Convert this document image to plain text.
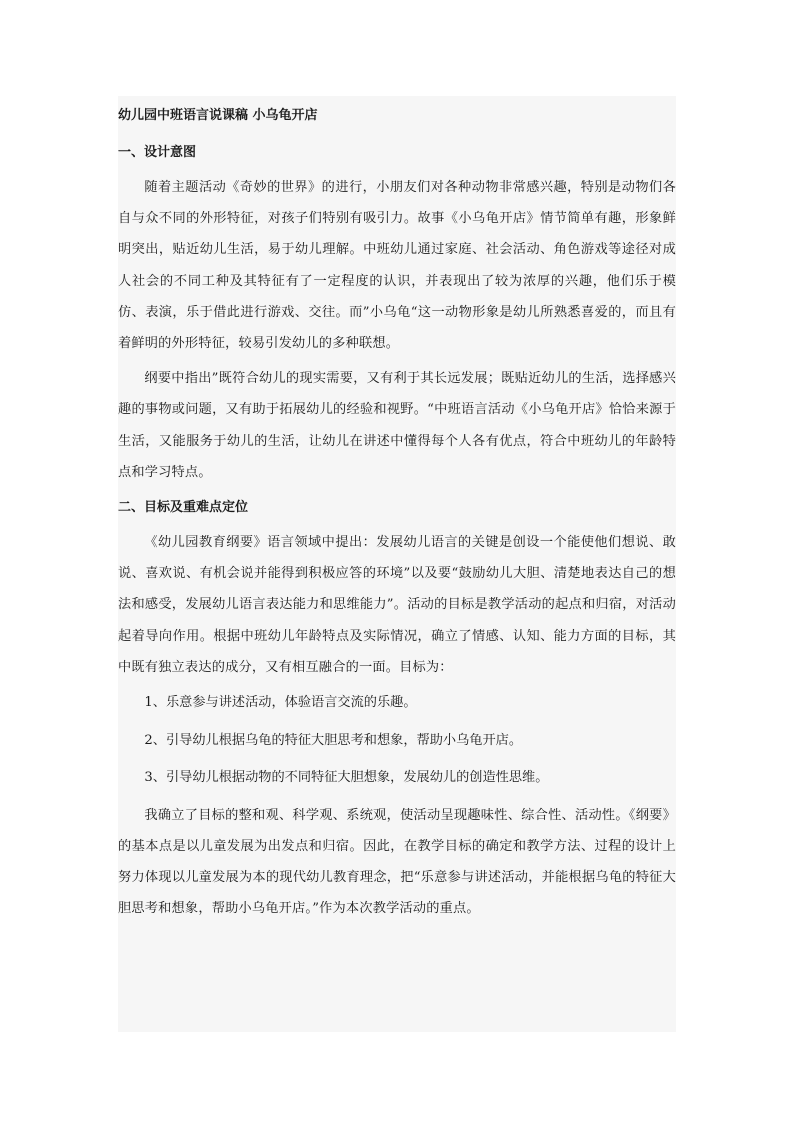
幼儿园中班语言说课稿 小乌龟开店
一、设计意图

随着主题活动《奇妙的世界》的进行，小朋友们对各种动物非常感兴趣，特别是动物们各自与众不同的外形特征，对孩子们特别有吸引力。故事《小乌龟开店》情节简单有趣，形象鲜明突出，贴近幼儿生活，易于幼儿理解。中班幼儿通过家庭、社会活动、角色游戏等途径对成人社会的不同工种及其特征有了一定程度的认识，并表现出了较为浓厚的兴趣，他们乐于模仿、表演，乐于借此进行游戏、交往。而”小乌龟“这一动物形象是幼儿所熟悉喜爱的，而且有着鲜明的外形特征，较易引发幼儿的多种联想。

纲要中指出”既符合幼儿的现实需要，又有利于其长远发展；既贴近幼儿的生活，选择感兴趣的事物或问题，又有助于拓展幼儿的经验和视野。“中班语言活动《小乌龟开店》恰恰来源于生活，又能服务于幼儿的生活，让幼儿在讲述中懂得每个人各有优点，符合中班幼儿的年龄特点和学习特点。

二、目标及重难点定位

《幼儿园教育纲要》语言领域中提出：发展幼儿语言的关键是创设一个能使他们想说、敢说、喜欢说、有机会说并能得到积极应答的环境”以及要“鼓励幼儿大胆、清楚地表达自己的想法和感受，发展幼儿语言表达能力和思维能力”。活动的目标是教学活动的起点和归宿，对活动起着导向作用。根据中班幼儿年龄特点及实际情况，确立了情感、认知、能力方面的目标，其中既有独立表达的成分，又有相互融合的一面。目标为：

1、乐意参与讲述活动，体验语言交流的乐趣。

2、引导幼儿根据乌龟的特征大胆思考和想象，帮助小乌龟开店。

3、引导幼儿根据动物的不同特征大胆想象，发展幼儿的创造性思维。

我确立了目标的整和观、科学观、系统观，使活动呈现趣味性、综合性、活动性。《纲要》的基本点是以儿童发展为出发点和归宿。因此，在教学目标的确定和教学方法、过程的设计上努力体现以儿童发展为本的现代幼儿教育理念，把“乐意参与讲述活动，并能根据乌龟的特征大胆思考和想象，帮助小乌龟开店。”作为本次教学活动的重点。
